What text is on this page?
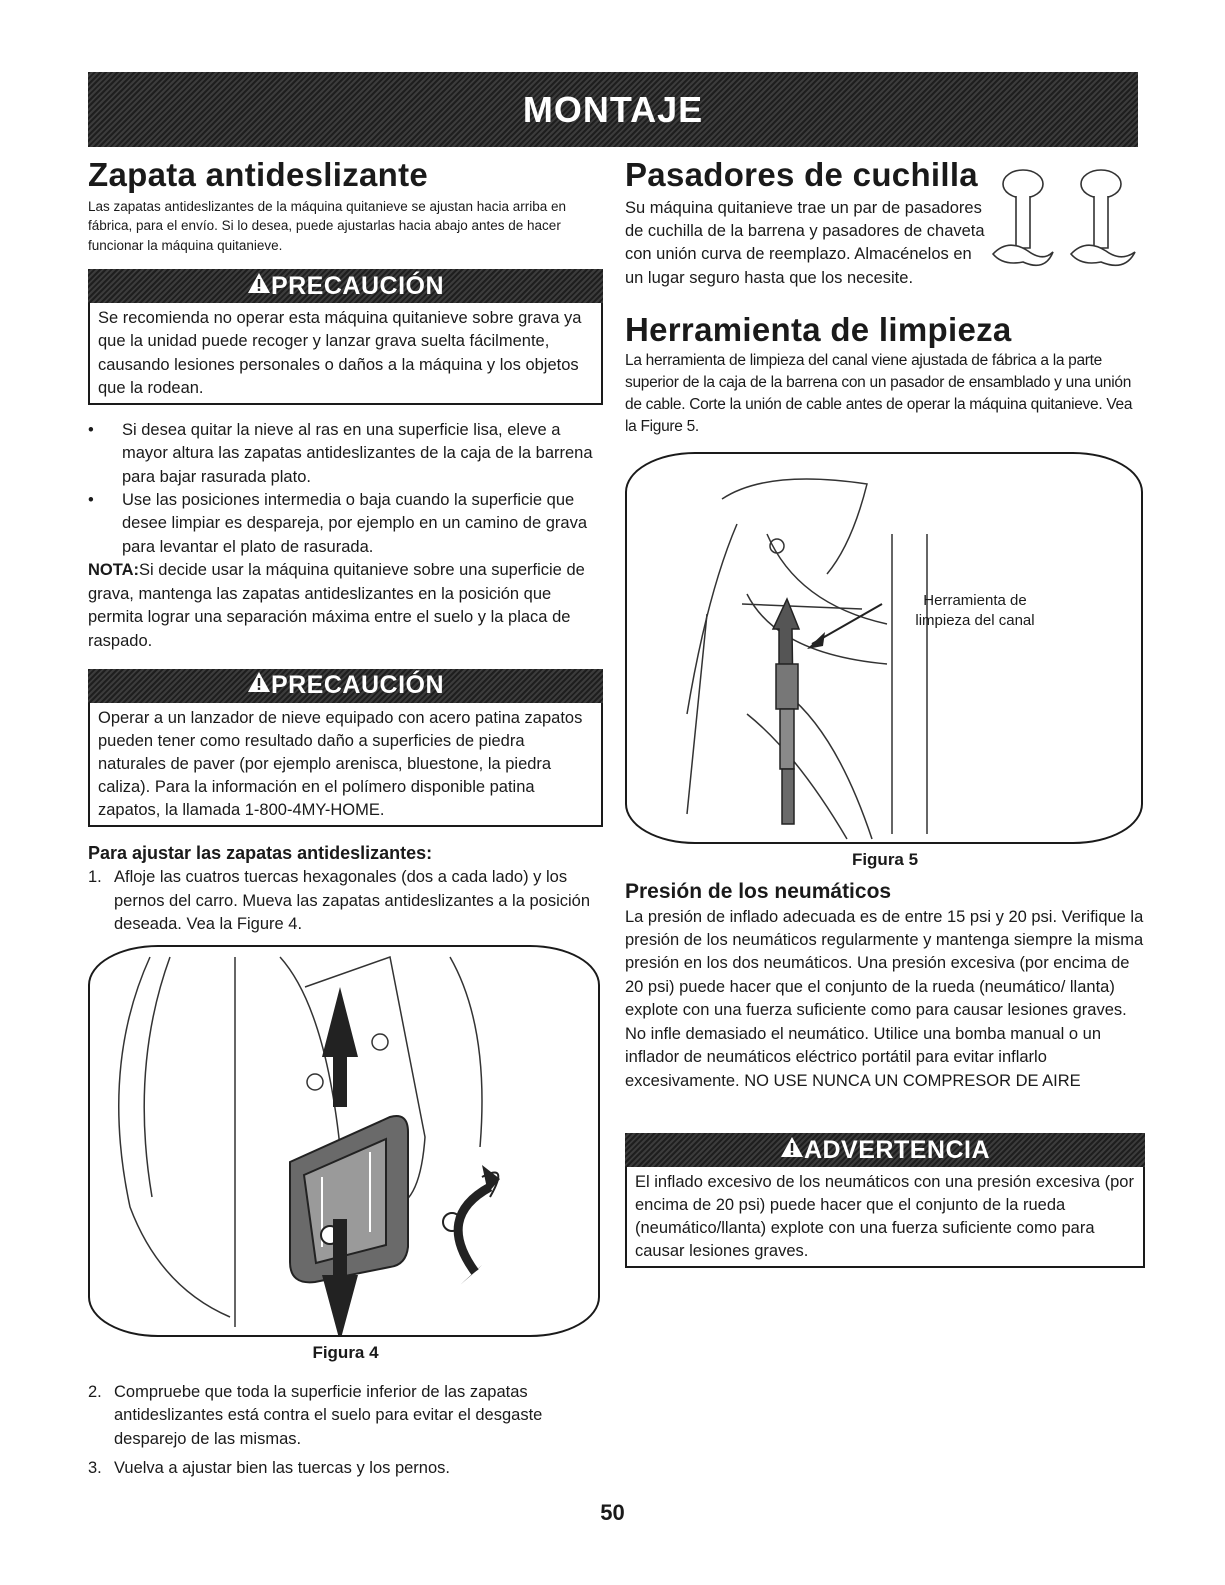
MONTAJE
Zapata antideslizante

Las zapatas antideslizantes de la máquina quitanieve se ajustan hacia arriba en fábrica, para el envío. Si lo desea, puede ajustarlas hacia abajo antes de hacer funcionar la máquina quitanieve.

PRECAUCIÓN
Se recomienda no operar esta máquina quitanieve sobre grava ya que la unidad puede recoger y lanzar grava suelta fácilmente, causando lesiones personales o daños a la máquina y los objetos que la rodean.
• Si desea quitar la nieve al ras en una superficie lisa, eleve a mayor altura las zapatas antideslizantes de la caja de la barrena para bajar rasurada plato.
• Use las posiciones intermedia o baja cuando la superficie que desee limpiar es despareja, por ejemplo en un camino de grava para levantar el plato de rasurada.

NOTA:Si decide usar la máquina quitanieve sobre una superficie de grava, mantenga las zapatas antideslizantes en la posición que permita lograr una separación máxima entre el suelo y la placa de raspado.

PRECAUCIÓN
Operar a un lanzador de nieve equipado con acero patina zapatos pueden tener como resultado daño a superficies de piedra naturales de paver (por ejemplo arenisca, bluestone, la piedra caliza). Para la información en el polímero disponible patina zapatos, la llamada 1-800-4MY-HOME.
Para ajustar las zapatas antideslizantes:
1. Afloje las cuatros tuercas hexagonales (dos a cada lado) y los pernos del carro. Mueva las zapatas antideslizantes a la posición deseada. Vea la Figure 4.
Figura 4
2. Compruebe que toda la superficie inferior de las zapatas antideslizantes está contra el suelo para evitar el desgaste desparejo de las mismas.
3. Vuelva a ajustar bien las tuercas y los pernos.
Pasadores de cuchilla

Su máquina quitanieve trae un par de pasadores de cuchilla de la barrena y pasadores de chaveta con unión curva de reemplazo. Almacénelos en un lugar seguro hasta que los necesite.

Herramienta de limpieza

La herramienta de limpieza del canal viene ajustada de fábrica a la parte superior de la caja de la barrena con un pasador de ensamblado y una unión de cable. Corte la unión de cable antes de operar la máquina quitanieve. Vea la Figure 5.

Herramienta de limpieza del canal
Figura 5
Presión de los neumáticos

La presión de inflado adecuada es de entre 15 psi y 20 psi. Verifique la presión de los neumáticos regularmente y mantenga siempre la misma presión en los dos neumáticos. Una presión excesiva (por encima de 20 psi) puede hacer que el conjunto de la rueda (neumático/ llanta) explote con una fuerza suficiente como para causar lesiones graves. No infle demasiado el neumático. Utilice una bomba manual o un inflador de neumáticos eléctrico portátil para evitar inflarlo excesivamente. NO USE NUNCA UN COMPRESOR DE AIRE

ADVERTENCIA
El inflado excesivo de los neumáticos con una presión excesiva (por encima de 20 psi) puede hacer que el conjunto de la rueda (neumático/llanta) explote con una fuerza suficiente como para causar lesiones graves.
50
